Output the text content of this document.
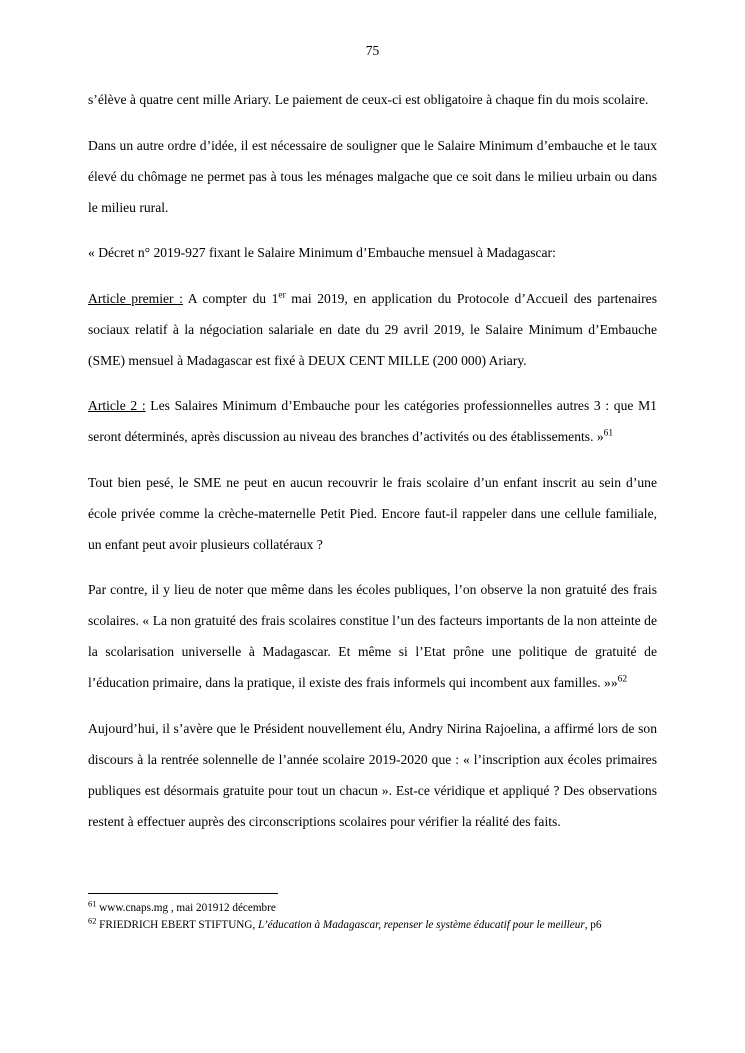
75

s’élève à quatre cent mille Ariary. Le paiement de ceux-ci est obligatoire à chaque fin du mois scolaire.

Dans un autre ordre d’idée, il est nécessaire de souligner que le Salaire Minimum d’embauche et le taux élevé du chômage ne permet pas à tous les ménages malgache que ce soit dans le milieu urbain ou dans le milieu rural.

« Décret n° 2019-927 fixant le Salaire Minimum d’Embauche mensuel à Madagascar:

Article premier : A compter du 1er mai 2019, en application du Protocole d’Accueil des partenaires sociaux relatif à la négociation salariale en date du 29 avril 2019, le Salaire Minimum d’Embauche (SME) mensuel à Madagascar est fixé à DEUX CENT MILLE (200 000) Ariary.

Article 2 : Les Salaires Minimum d’Embauche pour les catégories professionnelles autres 3 : que M1 seront déterminés, après discussion au niveau des branches d’activités ou des établissements. »$^{61}$

Tout bien pesé, le SME ne peut en aucun recouvrir le frais scolaire d’un enfant inscrit au sein d’une école privée comme la crèche-maternelle Petit Pied. Encore faut-il rappeler dans une cellule familiale, un enfant peut avoir plusieurs collatéraux ?

Par contre, il y lieu de noter que même dans les écoles publiques, l’on observe la non gratuité des frais scolaires. « La non gratuité des frais scolaires constitue l’un des facteurs importants de la non atteinte de la scolarisation universelle à Madagascar. Et même si l’Etat prône une politique de gratuité de l’éducation primaire, dans la pratique, il existe des frais informels qui incombent aux familles. »»$^{62}$

Aujourd’hui, il s’avère que le Président nouvellement élu, Andry Nirina Rajoelina, a affirmé lors de son discours à la rentrée solennelle de l’année scolaire 2019-2020 que : « l’inscription aux écoles primaires publiques est désormais gratuite pour tout un chacun ». Est-ce véridique et appliqué ? Des observations restent à effectuer auprès des circonscriptions scolaires pour vérifier la réalité des faits.

$^{61}$ www.cnaps.mg , mai 201912 décembre

$^{62}$ FRIEDRICH EBERT STIFTUNG, L’éducation à Madagascar, repenser le système éducatif pour le meilleur, p6
